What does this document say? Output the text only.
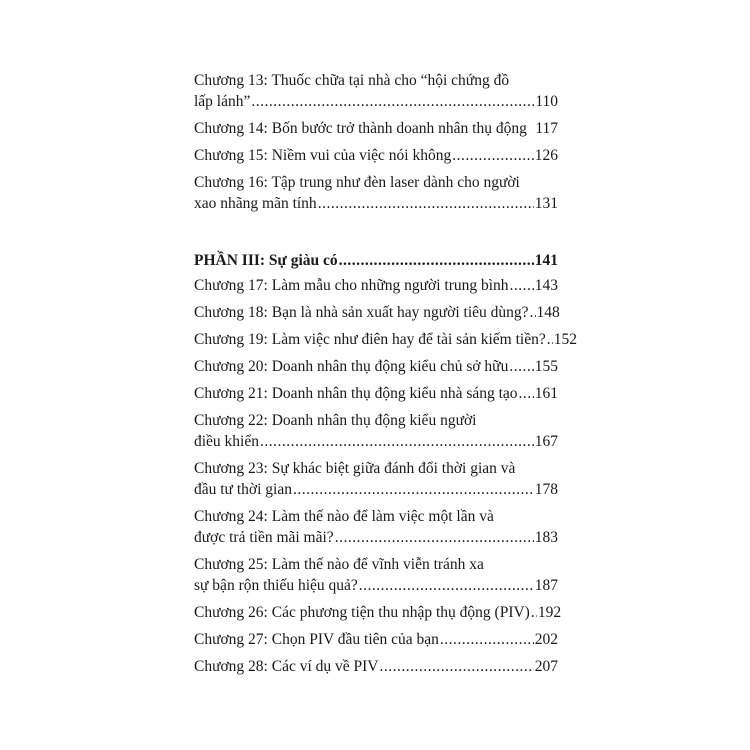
Chương 13: Thuốc chữa tại nhà cho “hội chứng đồ
lấp lánh” .....	110
Chương 14: Bốn bước trở thành doanh nhân thụ động 117
Chương 15: Niềm vui của việc nói không .....	126
Chương 16: Tập trung như đèn laser dành cho người
xao nhãng mãn tính .....	131
PHẦN III: Sự giàu có .....	141
Chương 17: Làm mẫu cho những người trung bình ..... 143
Chương 18: Bạn là nhà sản xuất hay người tiêu dùng? ..... 148
Chương 19: Làm việc như điên hay để tài sản kiếm tiền? ..... 152
Chương 20: Doanh nhân thụ động kiểu chủ sở hữu ..... 155
Chương 21: Doanh nhân thụ động kiểu nhà sáng tạo ..... 161
Chương 22: Doanh nhân thụ động kiểu người
điều khiển .....	167
Chương 23: Sự khác biệt giữa đánh đổi thời gian và
đầu tư thời gian .....	178
Chương 24: Làm thế nào để làm việc một lần và
được trả tiền mãi mãi? .....	183
Chương 25: Làm thế nào để vĩnh viễn tránh xa
sự bận rộn thiếu hiệu quả? .....	187
Chương 26: Các phương tiện thu nhập thụ động (PIV) ..... 192
Chương 27: Chọn PIV đầu tiên của bạn .....	202
Chương 28: Các ví dụ về PIV .....	207
